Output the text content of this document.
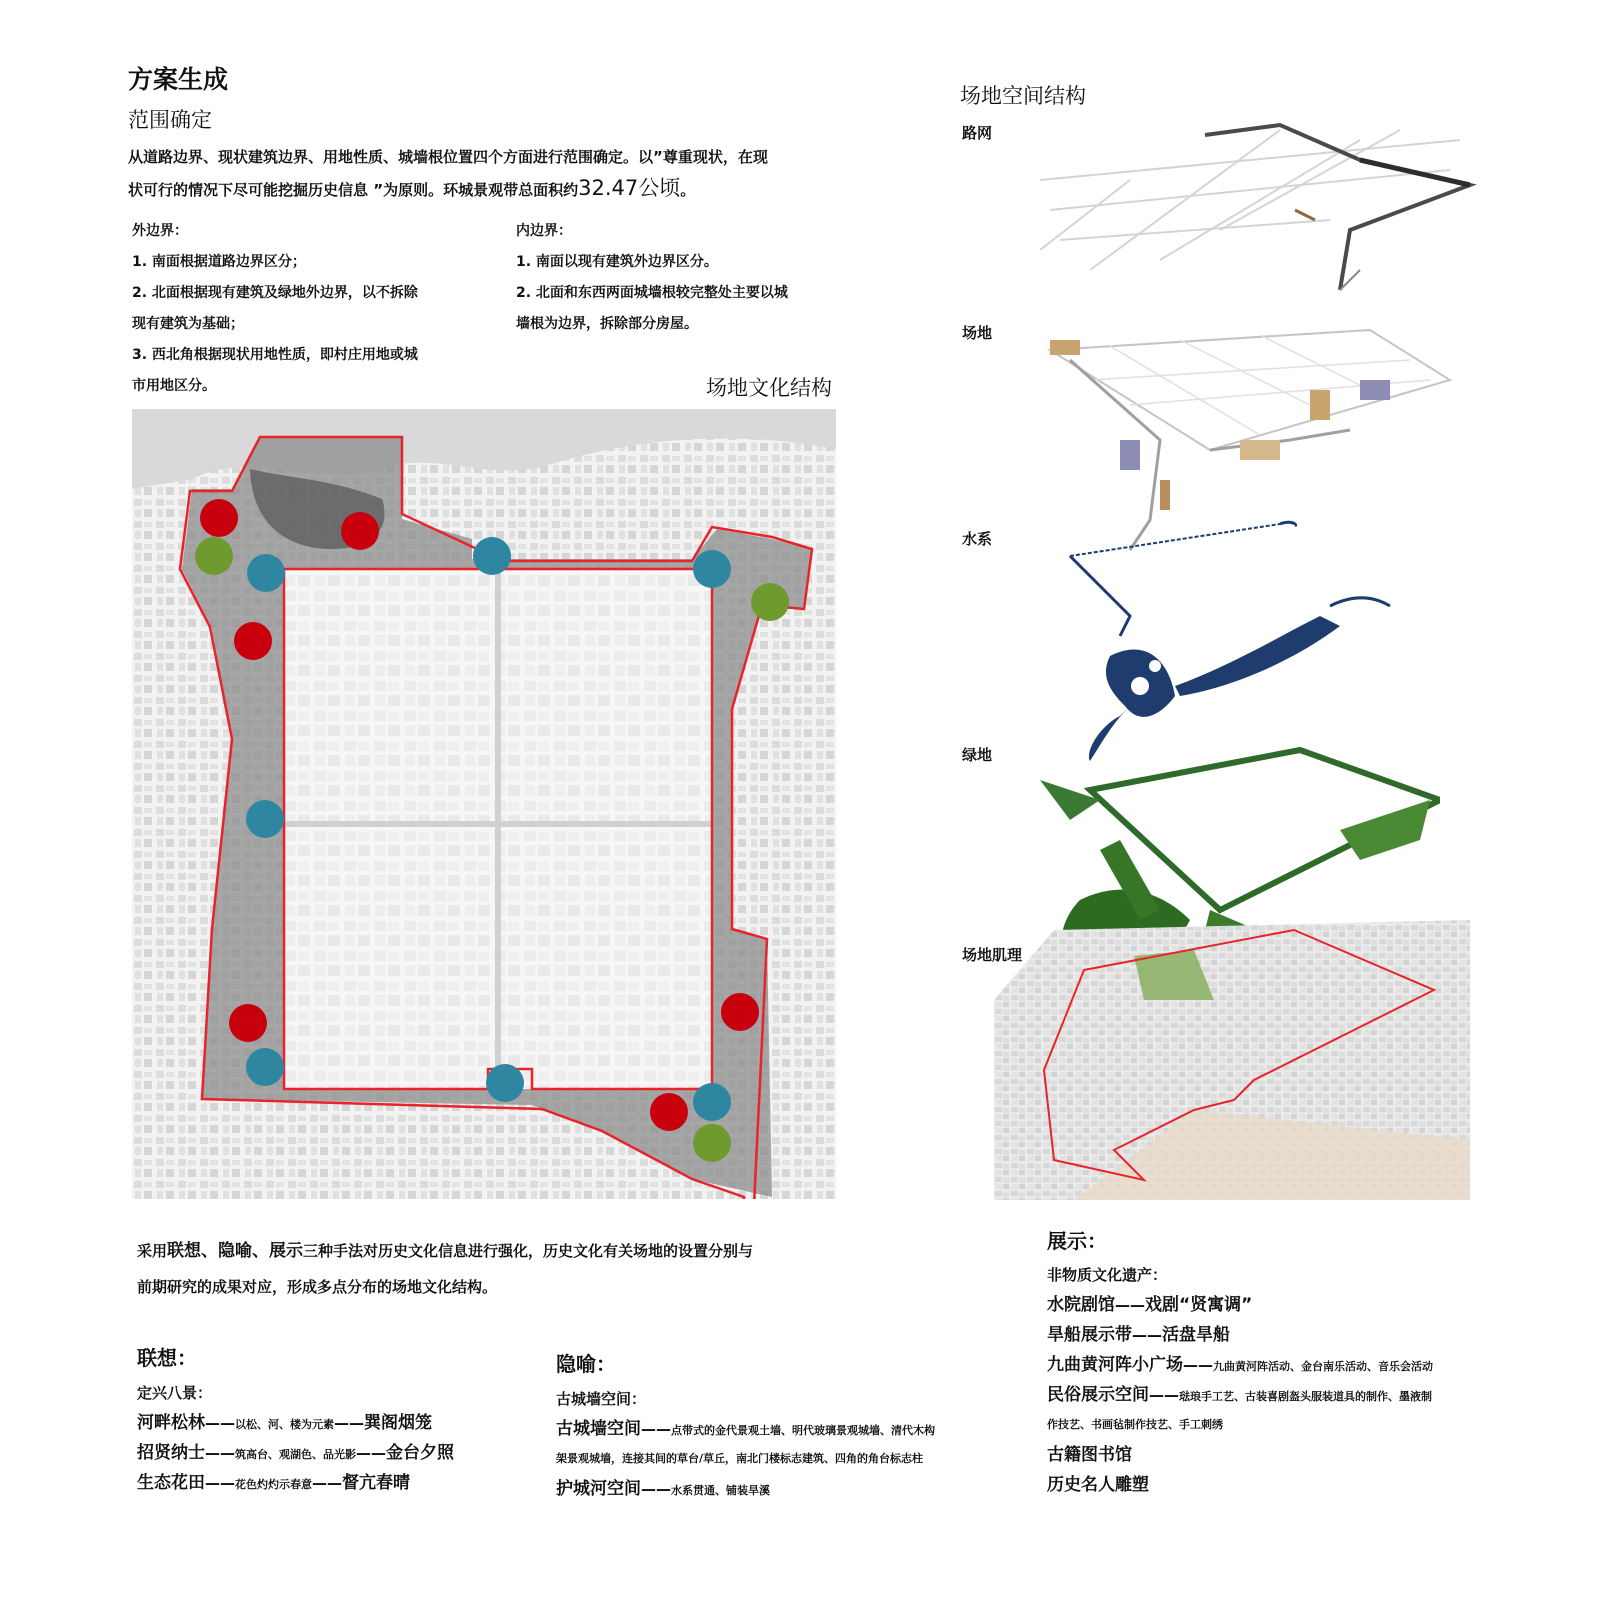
方案生成
范围确定
从道路边界、现状建筑边界、用地性质、城墙根位置四个方面进行范围确定。以”尊重现状，在现
状可行的情况下尽可能挖掘历史信息 ”为原则。环城景观带总面积约32.47公顷。
外边界：
1. 南面根据道路边界区分；
2. 北面根据现有建筑及绿地外边界，以不拆除
现有建筑为基础；
3. 西北角根据现状用地性质，即村庄用地或城
市用地区分。
内边界：
1. 南面以现有建筑外边界区分。
2. 北面和东西两面城墙根较完整处主要以城
墙根为边界，拆除部分房屋。
场地文化结构
场地空间结构
路网
场地
水系
绿地
场地肌理
采用联想、隐喻、展示三种手法对历史文化信息进行强化，历史文化有关场地的设置分别与
前期研究的成果对应，形成多点分布的场地文化结构。
联想：
定兴八景：
河畔松林——以松、河、楼为元素——巽阁烟笼
招贤纳士——筑高台、观湖色、品光影——金台夕照
生态花田——花色灼灼示春意——督亢春晴
隐喻：
古城墙空间：
古城墙空间——点带式的金代景观土墙、明代玻璃景观城墙、清代木构
架景观城墙，连接其间的草台/草丘，南北门楼标志建筑、四角的角台标志柱
护城河空间——水系贯通、铺装旱溪
展示：
非物质文化遗产：
水院剧馆——戏剧“贤寓调”
旱船展示带——活盘旱船
九曲黄河阵小广场——九曲黄河阵活动、金台南乐活动、音乐会活动
民俗展示空间——琺琅手工艺、古装喜剧盔头服装道具的制作、墨液制
作技艺、书画毡制作技艺、手工刺绣
古籍图书馆
历史名人雕塑
